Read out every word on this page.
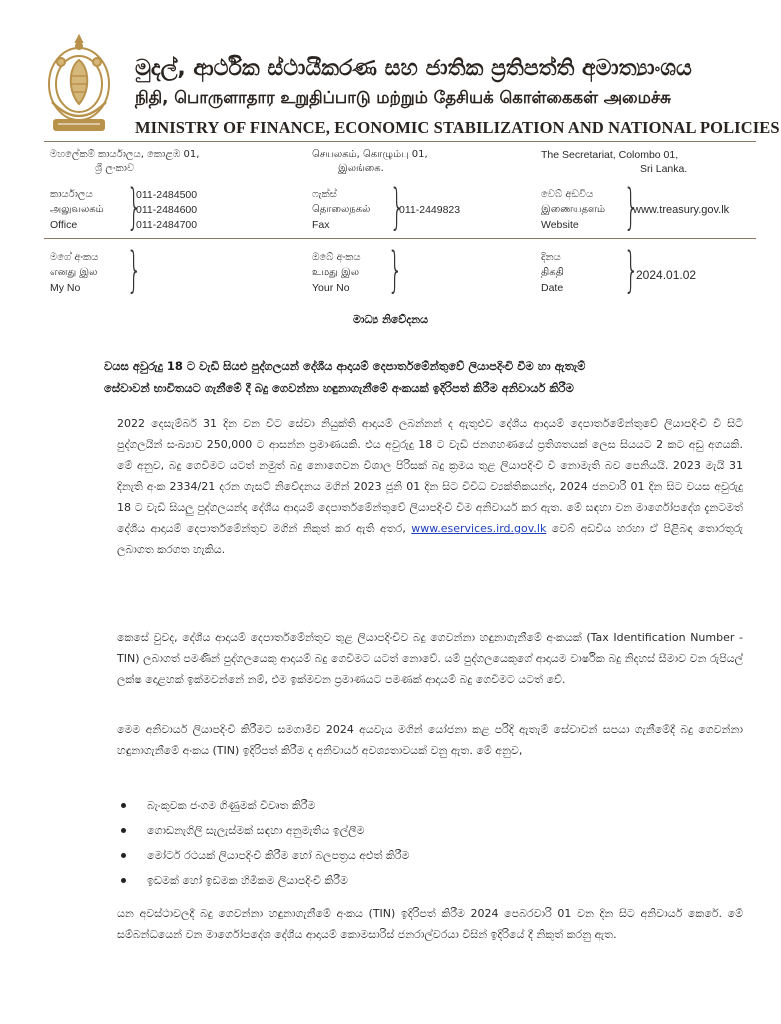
මුදල්, ආර්ථික ස්ථායීකරණ සහ ජාතික ප්‍රතිපත්ති අමාත්‍යාංශය
நிதி, பொருளாதார உறுதிப்பாடு மற்றும் தேசியக் கொள்கைகள் அமைச்சு
MINISTRY OF FINANCE, ECONOMIC STABILIZATION AND NATIONAL POLICIES
මහලේකම් කාර්යාලය, කොළඹ 01,
ශ්‍රී ලංකාව
செயலகம், கொழும்பு 01,
இலங்கை.
The Secretariat, Colombo 01,
Sri Lanka.
කාර්යාලය
அலுவலகம்
Office }
011-2484500
011-2484600
011-2484700
ෆැක්ස්
தொலைநகல்
Fax }
011-2449823
වෙබ් අඩවිය
இணையதளம்
Website }
www.treasury.gov.lk
මගේ අංකය
எனது இல
My No }	ඔබේ අංකය
உமது இல
Your No }	දිනය
திகதி
Date }
2024.01.02
මාධ්‍ය නිවේදනය
වයස අවුරුදු 18 ට වැඩි සියළු පුද්ගලයන් දේශීය ආදායම් දෙපාර්තමේන්තුවේ ලියාපදිංචි වීම හා ඇතැම්
සේවාවන් භාවිතයට ගැනීමේ දී බදු ගෙවන්නා හඳුනාගැනීමේ අංකයක් ඉදිරිපත් කිරීම අනිවාර්ය කිරීම
2022 දෙසැම්බර් 31 දින වන විට සේවා නියුක්ති ආදායම් ලබන්නන් ද ඇතුළුව දේශීය ආදායම් දෙපාර්තමේන්තුවේ ලියාපදිංචි වී සිටි පුද්ගලයින් සංඛ්‍යාව 250,000 ට ආසන්න ප්‍රමාණයකි. එය අවුරුදු 18 ට වැඩි ජනගහණයේ ප්‍රතිශතයක් ලෙස සියයට 2 කට අඩු අගයකි. මේ අනුව, බදු ගෙවීමට යටත් නමුත් බදු නොගෙවන විශාල පිරිසක් බදු ක්‍රමය තුළ ලියාපදිංචි වී නොමැති බව පෙනියයි. 2023 මැයි 31 දිනැති අංක 2334/21 දරන ගැසට් නිවේදනය මගින් 2023 ජූනි 01 දින සිට විවිධ ව්‍යක්තිකයන්ද, 2024 ජනවාරි 01 දින සිට වයස අවුරුදු 18 ට වැඩි සියලු පුද්ගලයන්ද දේශීය ආදායම් දෙපාර්තමේන්තුවේ ලියාපදිංචි වීම අනිවාර්ය කර ඇත. මේ සඳහා වන මාර්ගෝපදේශ දැනටමත් දේශීය ආදායම් දෙපාර්තමේන්තුව මගින් නිකුත් කර ඇති අතර, www.eservices.ird.gov.lk වෙබ් අඩවිය හරහා ඒ පිළිබඳ තොරතුරු ලබාගත කරගත හැකිය.
කෙසේ වුවද, දේශීය ආදායම් දෙපාර්තමේන්තුව තුළ ලියාපදිංචිව බදු ගෙවන්නා හඳුනාගැනීමේ අංකයක් (Tax Identification Number - TIN) ලබාගත් පමණින් පුද්ගලයෙකු ආදායම් බදු ගෙවීමට යටත් නොවේ. යම් පුද්ගලයෙකුගේ ආදායම වාර්ෂික බදු නිදහස් සීමාව වන රුපියල් ලක්ෂ දොළහක් ඉක්මවන්නේ නම්, එම ඉක්මවන ප්‍රමාණයට පමණක් ආදායම් බදු ගෙවීමට යටත් වේ.
මෙම අනිවාර්ය ලියාපදිංචි කිරීමට සමගාමීව 2024 අයවැය මගින් යෝජනා කළ පරිදි ඇතැම් සේවාවන් සපයා ගැනීමේදී බදු ගෙවන්නා හඳුනාගැනීමේ අංකය (TIN) ඉදිරිපත් කිරීම ද අනිවාර්ය අවශ්‍යතාවයක් වනු ඇත. මේ අනුව,
බැංකුවක ජංගම ගිණුමක් විවෘත කිරීම
ගොඩනැගිලි සැලැස්මක් සඳහා අනුමැතිය ඉල්ලීම
මෝටර් රථයක් ලියාපදිංචි කිරීම හෝ බලපත්‍රය අළුත් කිරීම
ඉඩමක් හෝ ඉඩමක හිමිකම ලියාපදිංචි කිරීම
යන අවස්ථාවලදී බදු ගෙවන්නා හඳුනාගැනීමේ අංකය (TIN) ඉදිරිපත් කිරීම 2024 පෙබරවාරි 01 වන දින සිට අනිවාර්ය කෙරේ. මේ සම්බන්ධයෙන් වන මාර්ගෝපදේශ දේශීය ආදායම් කොමසාරිස් ජනරාල්වරයා විසින් ඉදිරියේ දී නිකුත් කරනු ඇත.
